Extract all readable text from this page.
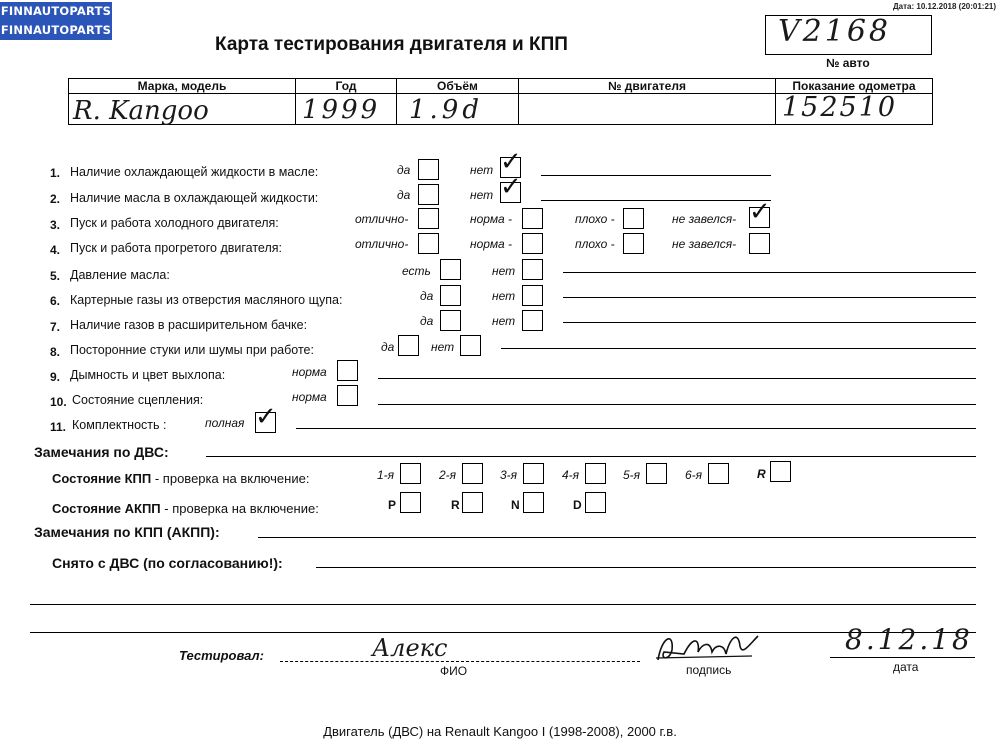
FINNAUTOPARTS
FINNAUTOPARTS
Дата: 10.12.2018 (20:01:21)
Карта тестирования двигателя и КПП	V2168
№ авто
Марка, модель	Год	Объём	№ двигателя	Показание одометра

R. Kangoo	1999	1.9d		152510
1. Наличие охлаждающей жидкости в масле:	да	нет ✓
2. Наличие масла в охлаждающей жидкости:	да	нет ✓
3. Пуск и работа холодного двигателя:	отлично-	норма -	плохо -	не завелся- ✓
4. Пуск и работа прогретого двигателя:	отлично-	норма -	плохо -	не завелся-
5. Давление масла:	есть	нет
6. Картерные газы из отверстия масляного щупа:	да	нет
7. Наличие газов в расширительном бачке:	да	нет
8. Посторонние стуки или шумы при работе:	да	нет
9. Дымность и цвет выхлопа:	норма
10. Состояние сцепления:	норма
11. Комплектность :	полная ✓
Замечания по ДВС:
Состояние КПП - проверка на включение:	1-я	2-я	3-я	4-я	5-я	6-я	R
Состояние АКПП - проверка на включение:	P	R	N	D
Замечания по КПП (АКПП):
Снято с ДВС (по согласованию!):
Тестировал:	Алекс
ФИО	подпись
8.12.18
дата
Двигатель (ДВС) на Renault Kangoo I (1998-2008), 2000 г.в.
